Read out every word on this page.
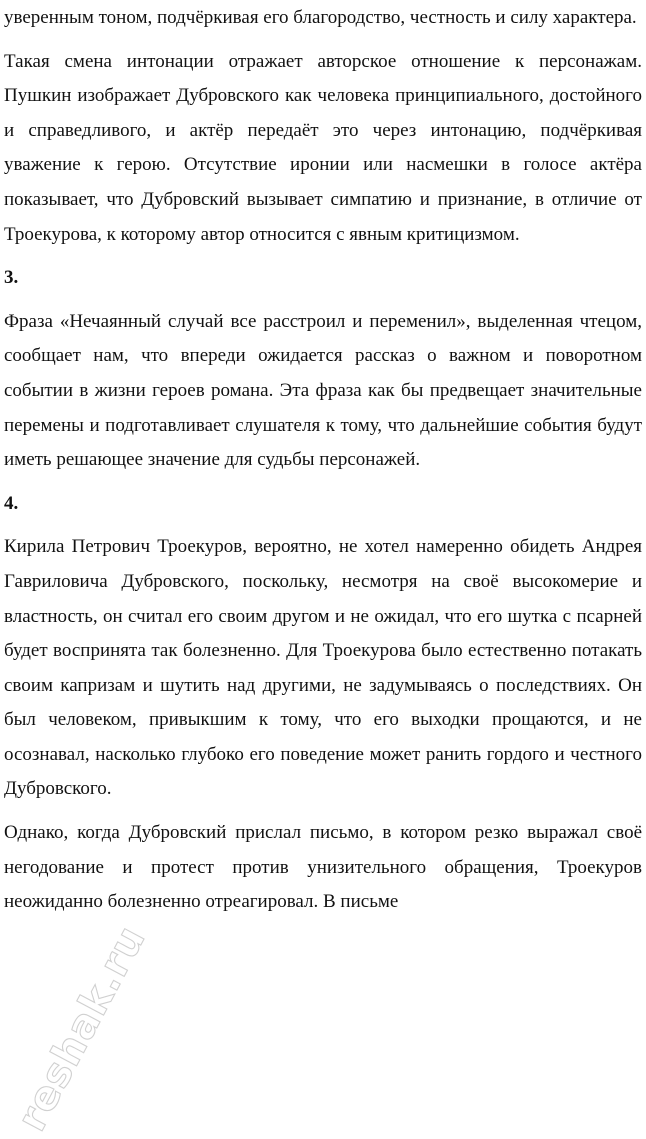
уверенным тоном, подчёркивая его благородство, честность и силу характера.

Такая смена интонации отражает авторское отношение к персонажам. Пушкин изображает Дубровского как человека принципиального, достойного и справедливого, и актёр передаёт это через интонацию, подчёркивая уважение к герою. Отсутствие иронии или насмешки в голосе актёра показывает, что Дубровский вызывает симпатию и признание, в отличие от Троекурова, к которому автор относится с явным критицизмом.

3.

Фраза «Нечаянный случай все расстроил и переменил», выделенная чтецом, сообщает нам, что впереди ожидается рассказ о важном и поворотном событии в жизни героев романа. Эта фраза как бы предвещает значительные перемены и подготавливает слушателя к тому, что дальнейшие события будут иметь решающее значение для судьбы персонажей.

4.

Кирила Петрович Троекуров, вероятно, не хотел намеренно обидеть Андрея Гавриловича Дубровского, поскольку, несмотря на своё высокомерие и властность, он считал его своим другом и не ожидал, что его шутка с псарней будет воспринята так болезненно. Для Троекурова было естественно потакать своим капризам и шутить над другими, не задумываясь о последствиях. Он был человеком, привыкшим к тому, что его выходки прощаются, и не осознавал, насколько глубоко его поведение может ранить гордого и честного Дубровского.

Однако, когда Дубровский прислал письмо, в котором резко выражал своё негодование и протест против унизительного обращения, Троекуров неожиданно болезненно отреагировал. В письме

reshak.ru
